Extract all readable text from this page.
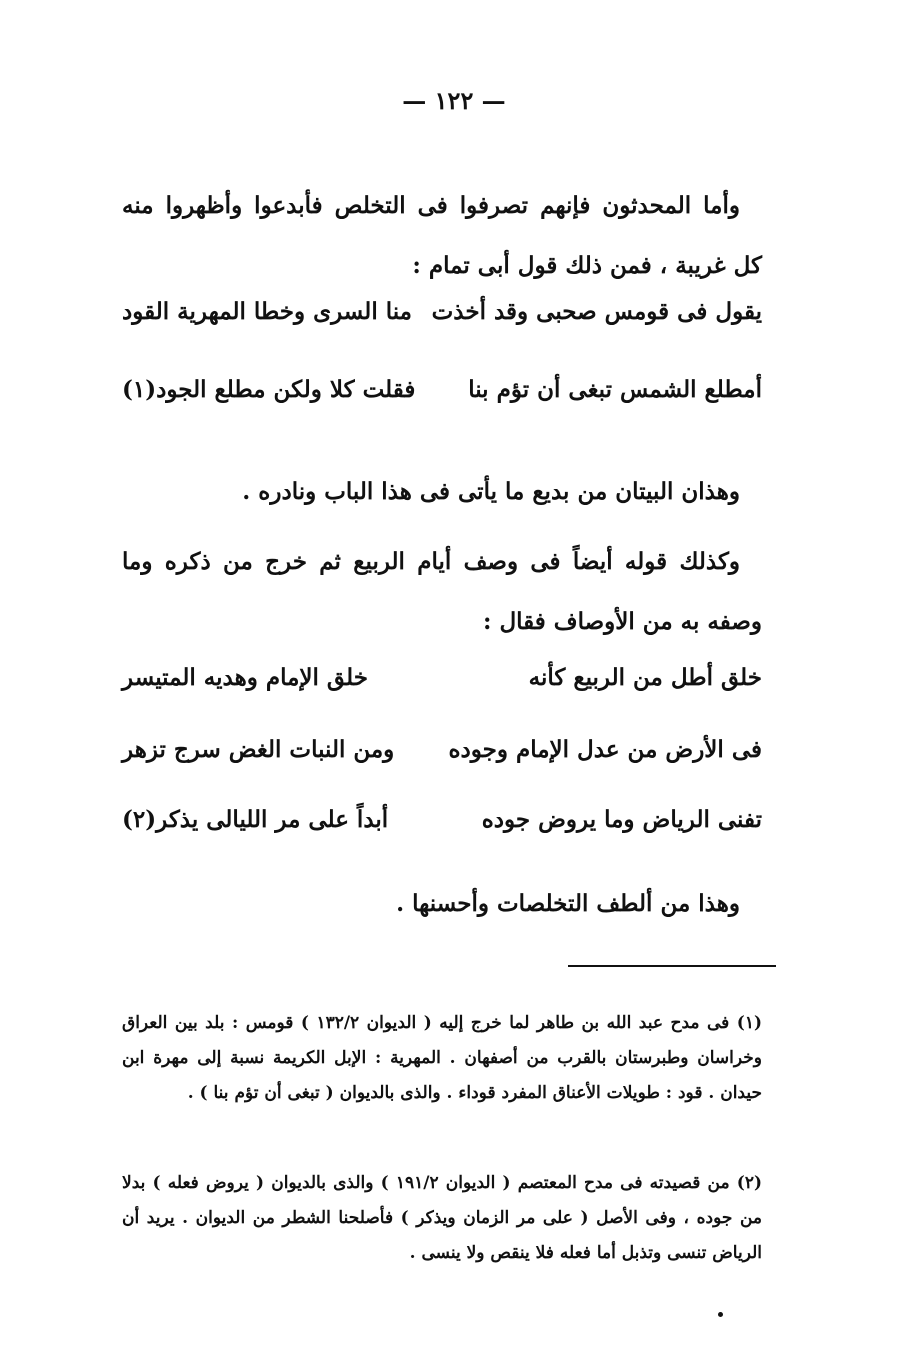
— ١٢٢ —
وأما المحدثون فإنهم تصرفوا فى التخلص فأبدعوا وأظهروا منه كل غريبة ، فمن ذلك قول أبى تمام :
يقول فى قومس صحبى وقد أخذت
منا السرى وخطا المهرية القود
أمطلع الشمس تبغى أن تؤم بنا
فقلت كلا ولكن مطلع الجود(١)
وهذان البيتان من بديع ما يأتى فى هذا الباب ونادره .
وكذلك قوله أيضاً فى وصف أيام الربيع ثم خرج من ذكره وما وصفه به من الأوصاف فقال :
خلق أطل من الربيع كأنه
خلق الإمام وهديه المتيسر
فى الأرض من عدل الإمام وجوده
ومن النبات الغض سرج تزهر
تفنى الرياض وما يروض جوده
أبداً على مر الليالى يذكر(٢)
وهذا من ألطف التخلصات وأحسنها .
(١) فى مدح عبد الله بن طاهر لما خرج إليه ( الديوان ١٣٢/٢ ) قومس : بلد بين العراق وخراسان وطبرستان بالقرب من أصفهان . المهرية : الإبل الكريمة نسبة إلى مهرة ابن حيدان . قود : طويلات الأعناق المفرد قوداء . والذى بالديوان ( تبغى أن تؤم بنا ) .
(٢) من قصيدته فى مدح المعتصم ( الديوان ١٩١/٢ ) والذى بالديوان ( يروض فعله ) بدلا من جوده ، وفى الأصل ( على مر الزمان ويذكر ) فأصلحنا الشطر من الديوان . يريد أن الرياض تنسى وتذبل أما فعله فلا ينقص ولا ينسى .
